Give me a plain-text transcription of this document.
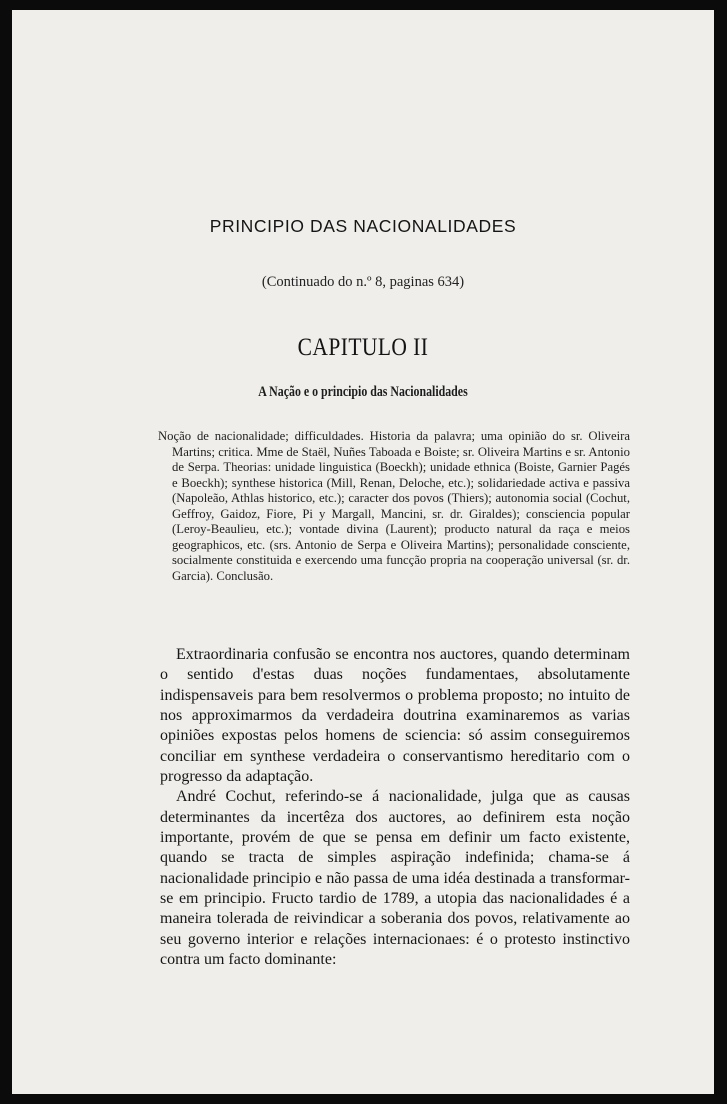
PRINCIPIO DAS NACIONALIDADES
(Continuado do n.º 8, paginas 634)
CAPITULO II
A Nação e o principio das Nacionalidades

Noção de nacionalidade; difficuldades. Historia da palavra; uma opinião do sr. Oliveira Martins; critica. Mme de Staël, Nuñes Taboada e Boiste; sr. Oliveira Martins e sr. Antonio de Serpa. Theorias: unidade linguistica (Boeckh); unidade ethnica (Boiste, Garnier Pagés e Boeckh); synthese historica (Mill, Renan, Deloche, etc.); solidariedade activa e passiva (Napoleão, Athlas historico, etc.); caracter dos povos (Thiers); autonomia social (Cochut, Geffroy, Gaidoz, Fiore, Pi y Margall, Mancini, sr. dr. Giraldes); consciencia popular (Leroy-Beaulieu, etc.); vontade divina (Laurent); producto natural da raça e meios geographicos, etc. (srs. Antonio de Serpa e Oliveira Martins); personalidade consciente, socialmente constituida e exercendo uma funcção propria na cooperação universal (sr. dr. Garcia). Conclusão.

Extraordinaria confusão se encontra nos auctores, quando determinam o sentido d'estas duas noções fundamentaes, absolutamente indispensaveis para bem resolvermos o problema proposto; no intuito de nos approximarmos da verdadeira doutrina examinaremos as varias opiniões expostas pelos homens de sciencia: só assim conseguiremos conciliar em synthese verdadeira o conservantismo hereditario com o progresso da adaptação.

André Cochut, referindo-se á nacionalidade, julga que as causas determinantes da incertêza dos auctores, ao definirem esta noção importante, provém de que se pensa em definir um facto existente, quando se tracta de simples aspiração indefinida; chama-se á nacionalidade principio e não passa de uma idéa destinada a transformar-se em principio. Fructo tardio de 1789, a utopia das nacionalidades é a maneira tolerada de reivindicar a soberania dos povos, relativamente ao seu governo interior e relações internacionaes: é o protesto instinctivo contra um facto dominante:
